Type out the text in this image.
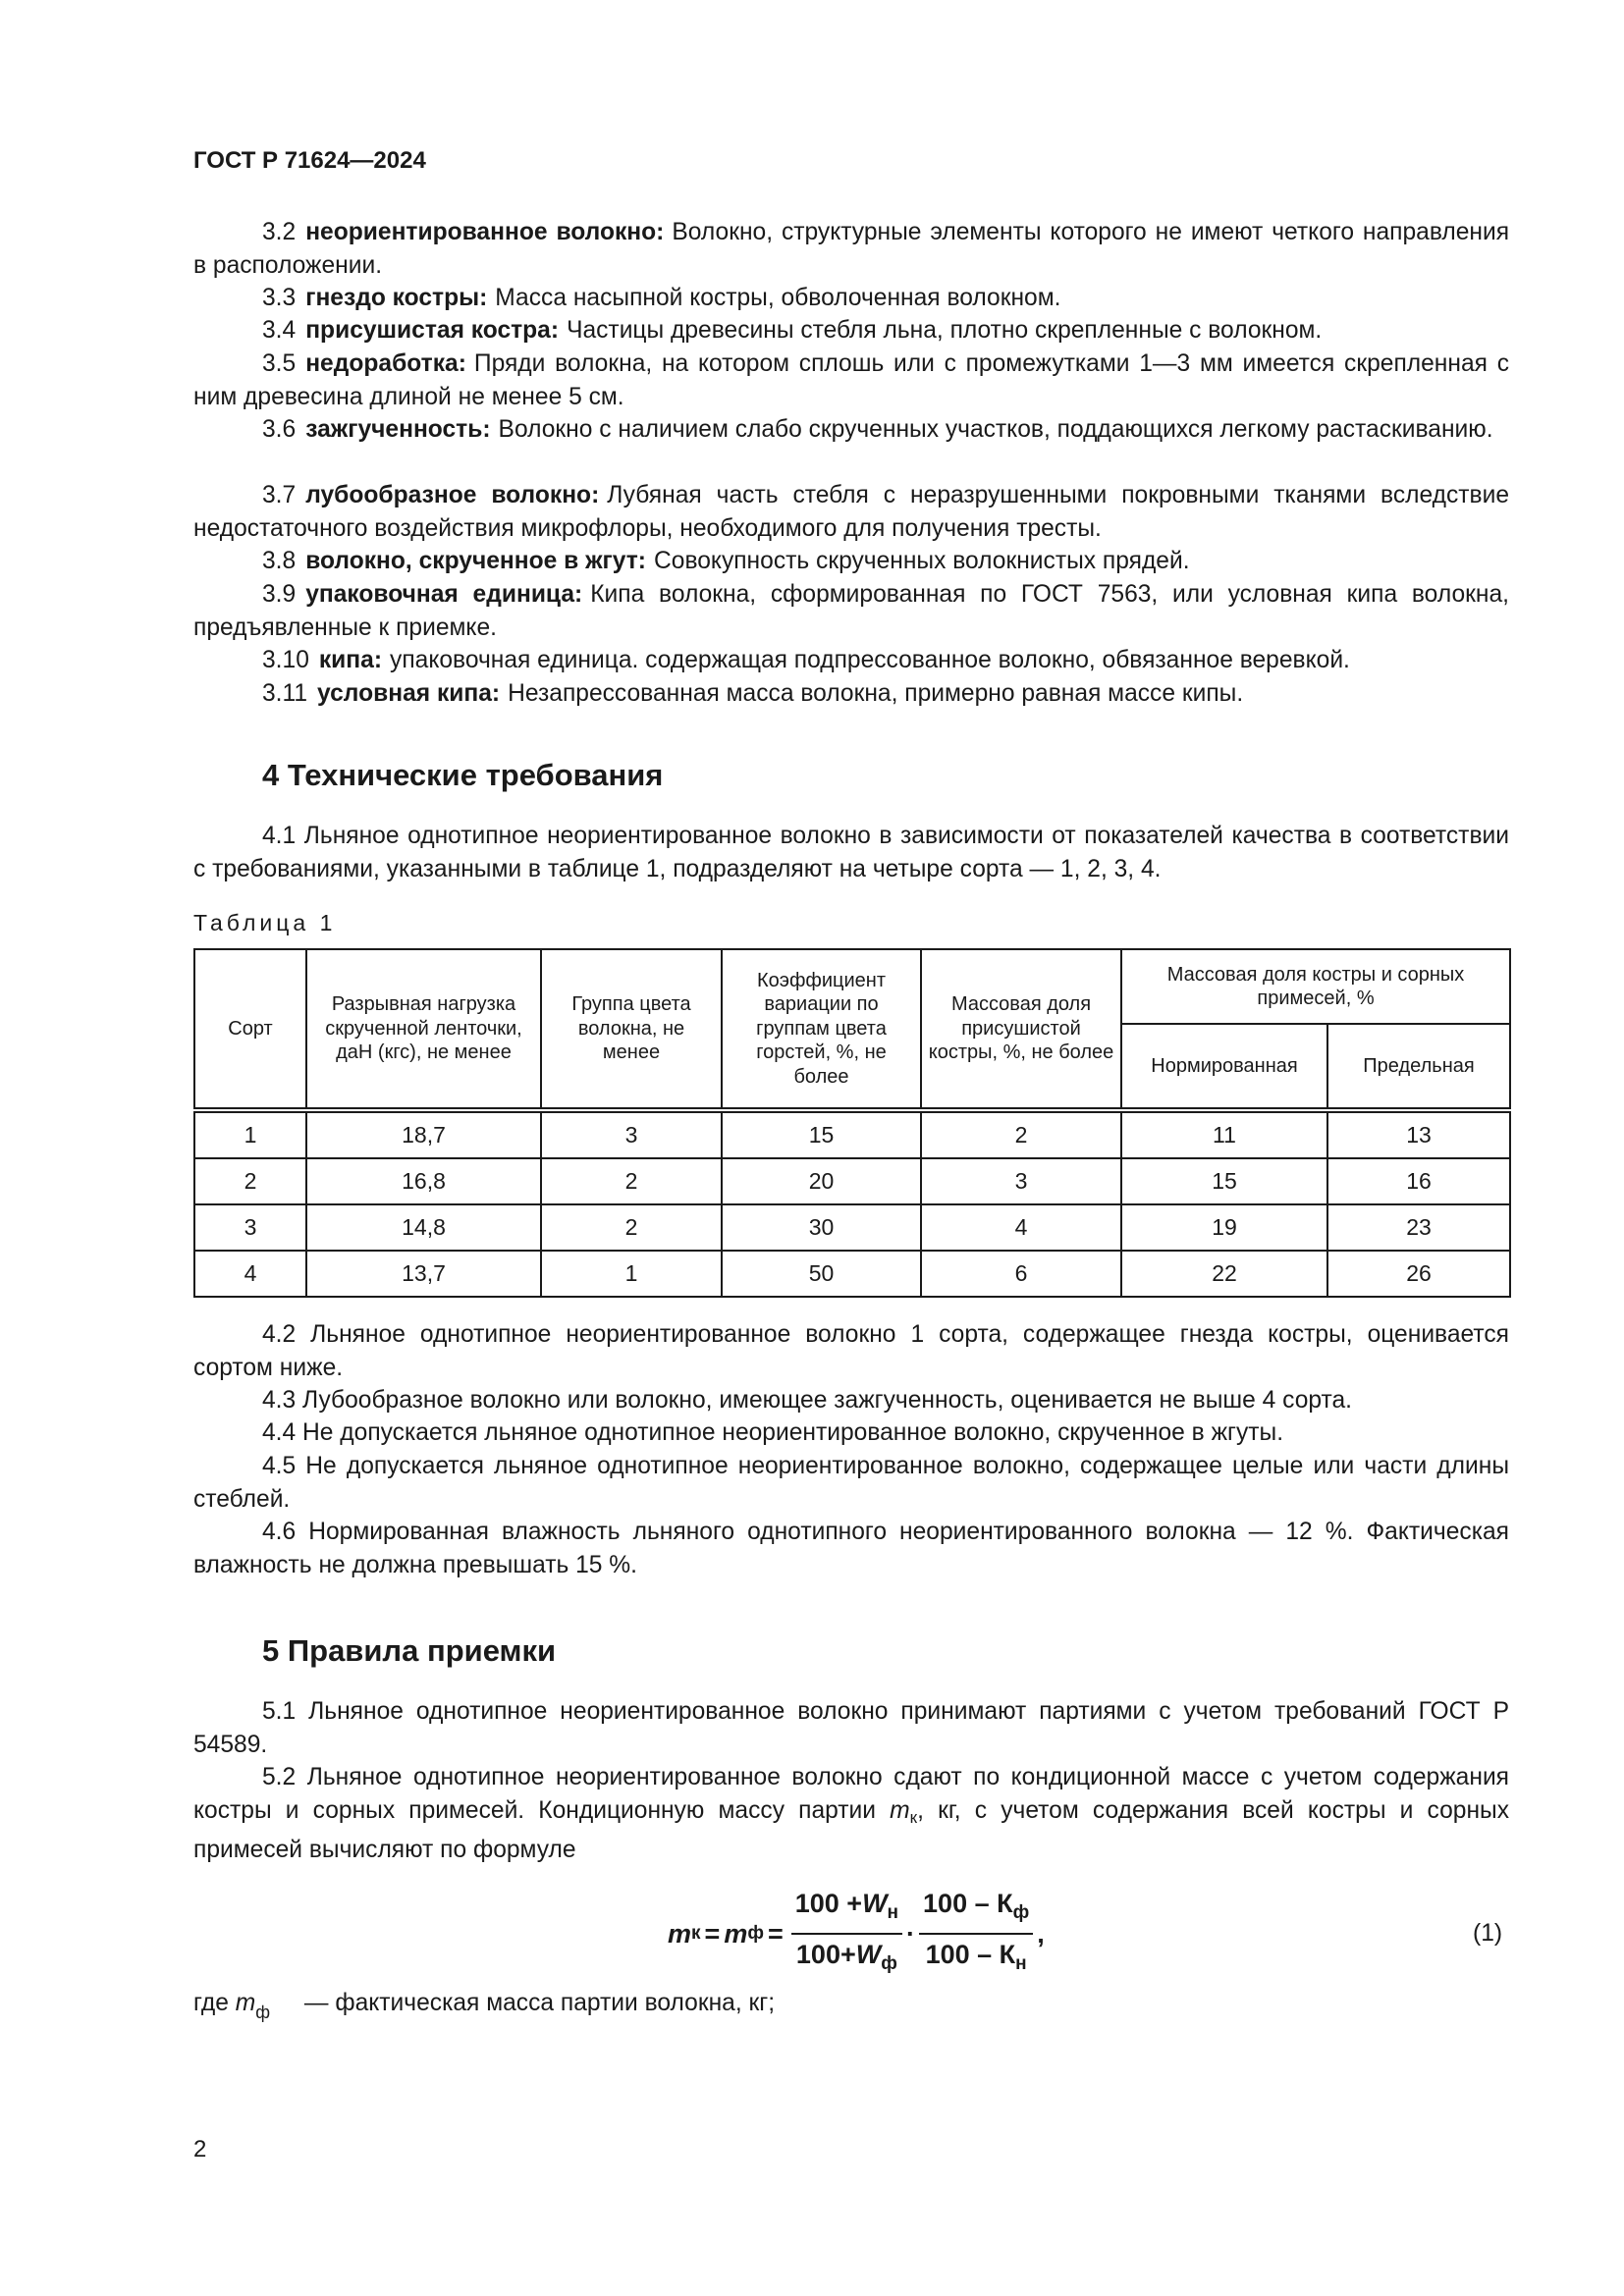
ГОСТ Р 71624—2024
3.2 неориентированное волокно: Волокно, структурные элементы которого не имеют четкого направления в расположении.
3.3 гнездо костры: Масса насыпной костры, обволоченная волокном.
3.4 присушистая костра: Частицы древесины стебля льна, плотно скрепленные с волокном.
3.5 недоработка: Пряди волокна, на котором сплошь или с промежутками 1—3 мм имеется скрепленная с ним древесина длиной не менее 5 см.
3.6 зажгученность: Волокно с наличием слабо скрученных участков, поддающихся легкому растаскиванию.
3.7 лубообразное волокно: Лубяная часть стебля с неразрушенными покровными тканями вследствие недостаточного воздействия микрофлоры, необходимого для получения тресты.
3.8 волокно, скрученное в жгут: Совокупность скрученных волокнистых прядей.
3.9 упаковочная единица: Кипа волокна, сформированная по ГОСТ 7563, или условная кипа волокна, предъявленные к приемке.
3.10 кипа: упаковочная единица. содержащая подпрессованное волокно, обвязанное веревкой.
3.11 условная кипа: Незапрессованная масса волокна, примерно равная массе кипы.
4 Технические требования
4.1 Льняное однотипное неориентированное волокно в зависимости от показателей качества в соответствии с требованиями, указанными в таблице 1, подразделяют на четыре сорта — 1, 2, 3, 4.
Таблица 1
Сорт	Разрывная нагрузка скрученной ленточки, даН (кгс), не менее	Группа цвета волокна, не менее	Коэффициент вариации по группам цвета горстей, %, не более	Массовая доля присушистой костры, %, не более	Массовая доля костры и сорных примесей, %	
					Нормированная	Предельная
1	18,7	3	15	2	11	13
2	16,8	2	20	3	15	16
3	14,8	2	30	4	19	23
4	13,7	1	50	6	22	26
4.2 Льняное однотипное неориентированное волокно 1 сорта, содержащее гнезда костры, оценивается сортом ниже.
4.3 Лубообразное волокно или волокно, имеющее зажгученность, оценивается не выше 4 сорта.
4.4 Не допускается льняное однотипное неориентированное волокно, скрученное в жгуты.
4.5 Не допускается льняное однотипное неориентированное волокно, содержащее целые или части длины стеблей.
4.6 Нормированная влажность льняного однотипного неориентированного волокна — 12 %. Фактическая влажность не должна превышать 15 %.
5 Правила приемки
5.1 Льняное однотипное неориентированное волокно принимают партиями с учетом требований ГОСТ Р 54589.
5.2 Льняное однотипное неориентированное волокно сдают по кондиционной массе с учетом содержания костры и сорных примесей. Кондиционную массу партии $m_к$, кг, с учетом содержания всей костры и сорных примесей вычисляют по формуле
m к = m $ф = \frac{100 +W_н}{100+W_ф} \cdot \frac{100 - К_ф}{100 - К_н}$ ,	(1)
где $m_ф$ — фактическая масса партии волокна, кг;
2
